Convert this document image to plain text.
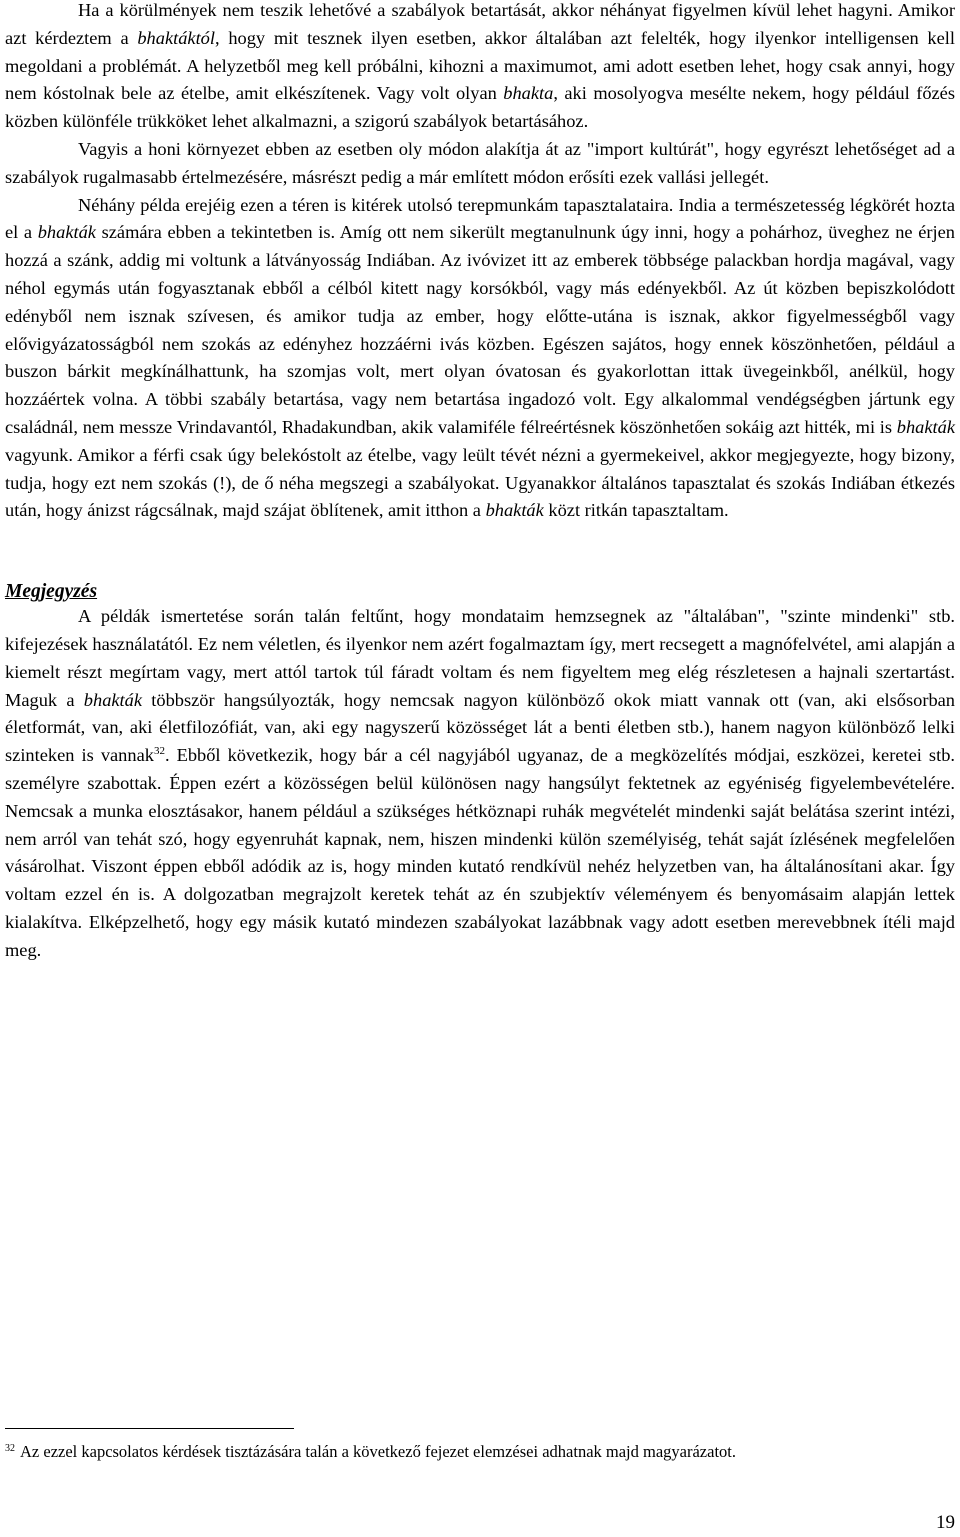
Ha a körülmények nem teszik lehetővé a szabályok betartását, akkor néhányat figyelmen kívül lehet hagyni. Amikor azt kérdeztem a bhaktáktól, hogy mit tesznek ilyen esetben, akkor általában azt felelték, hogy ilyenkor intelligensen kell megoldani a problémát. A helyzetből meg kell próbálni, kihozni a maximumot, ami adott esetben lehet, hogy csak annyi, hogy nem kóstolnak bele az ételbe, amit elkészítenek. Vagy volt olyan bhakta, aki mosolyogva mesélte nekem, hogy például főzés közben különféle trükköket lehet alkalmazni, a szigorú szabályok betartásához.

Vagyis a honi környezet ebben az esetben oly módon alakítja át az "import kultúrát", hogy egyrészt lehetőséget ad a szabályok rugalmasabb értelmezésére, másrészt pedig a már említett módon erősíti ezek vallási jellegét.

Néhány példa erejéig ezen a téren is kitérek utolsó terepmunkám tapasztalataira. India a természetesség légkörét hozta el a bhakták számára ebben a tekintetben is. Amíg ott nem sikerült megtanulnunk úgy inni, hogy a pohárhoz, üveghez ne érjen hozzá a szánk, addig mi voltunk a látványosság Indiában. Az ivóvizet itt az emberek többsége palackban hordja magával, vagy néhol egymás után fogyasztanak ebből a célból kitett nagy korsókból, vagy más edényekből. Az út közben bepiszkolódott edényből nem isznak szívesen, és amikor tudja az ember, hogy előtte-utána is isznak, akkor figyelmességből vagy elővigyázatosságból nem szokás az edényhez hozzáérni ivás közben. Egészen sajátos, hogy ennek köszönhetően, például a buszon bárkit megkínálhattunk, ha szomjas volt, mert olyan óvatosan és gyakorlottan ittak üvegeinkből, anélkül, hogy hozzáértek volna. A többi szabály betartása, vagy nem betartása ingadozó volt. Egy alkalommal vendégségben jártunk egy családnál, nem messze Vrindavantól, Rhadakundban, akik valamiféle félreértésnek köszönhetően sokáig azt hitték, mi is bhakták vagyunk. Amikor a férfi csak úgy belekóstolt az ételbe, vagy leült tévét nézni a gyermekeivel, akkor megjegyezte, hogy bizony, tudja, hogy ezt nem szokás (!), de ő néha megszegi a szabályokat. Ugyanakkor általános tapasztalat és szokás Indiában étkezés után, hogy ánizst rágcsálnak, majd szájat öblítenek, amit itthon a bhakták közt ritkán tapasztaltam.

Megjegyzés

A példák ismertetése során talán feltűnt, hogy mondataim hemzsegnek az "általában", "szinte mindenki" stb. kifejezések használatától. Ez nem véletlen, és ilyenkor nem azért fogalmaztam így, mert recsegett a magnófelvétel, ami alapján a kiemelt részt megírtam vagy, mert attól tartok túl fáradt voltam és nem figyeltem meg elég részletesen a hajnali szertartást. Maguk a bhakták többször hangsúlyozták, hogy nemcsak nagyon különböző okok miatt vannak ott (van, aki elsősorban életformát, van, aki életfilozófiát, van, aki egy nagyszerű közösséget lát a benti életben stb.), hanem nagyon különböző lelki szinteken is vannak$^{32}$. Ebből következik, hogy bár a cél nagyjából ugyanaz, de a megközelítés módjai, eszközei, keretei stb. személyre szabottak. Éppen ezért a közösségen belül különösen nagy hangsúlyt fektetnek az egyéniség figyelembevételére. Nemcsak a munka elosztásakor, hanem például a szükséges hétköznapi ruhák megvételét mindenki saját belátása szerint intézi, nem arról van tehát szó, hogy egyenruhát kapnak, nem, hiszen mindenki külön személyiség, tehát saját ízlésének megfelelően vásárolhat. Viszont éppen ebből adódik az is, hogy minden kutató rendkívül nehéz helyzetben van, ha általánosítani akar. Így voltam ezzel én is. A dolgozatban megrajzolt keretek tehát az én szubjektív véleményem és benyomásaim alapján lettek kialakítva. Elképzelhető, hogy egy másik kutató mindezen szabályokat lazábbnak vagy adott esetben merevebbnek ítéli majd meg.

$^{32}$ Az ezzel kapcsolatos kérdések tisztázására talán a következő fejezet elemzései adhatnak majd magyarázatot.
19
